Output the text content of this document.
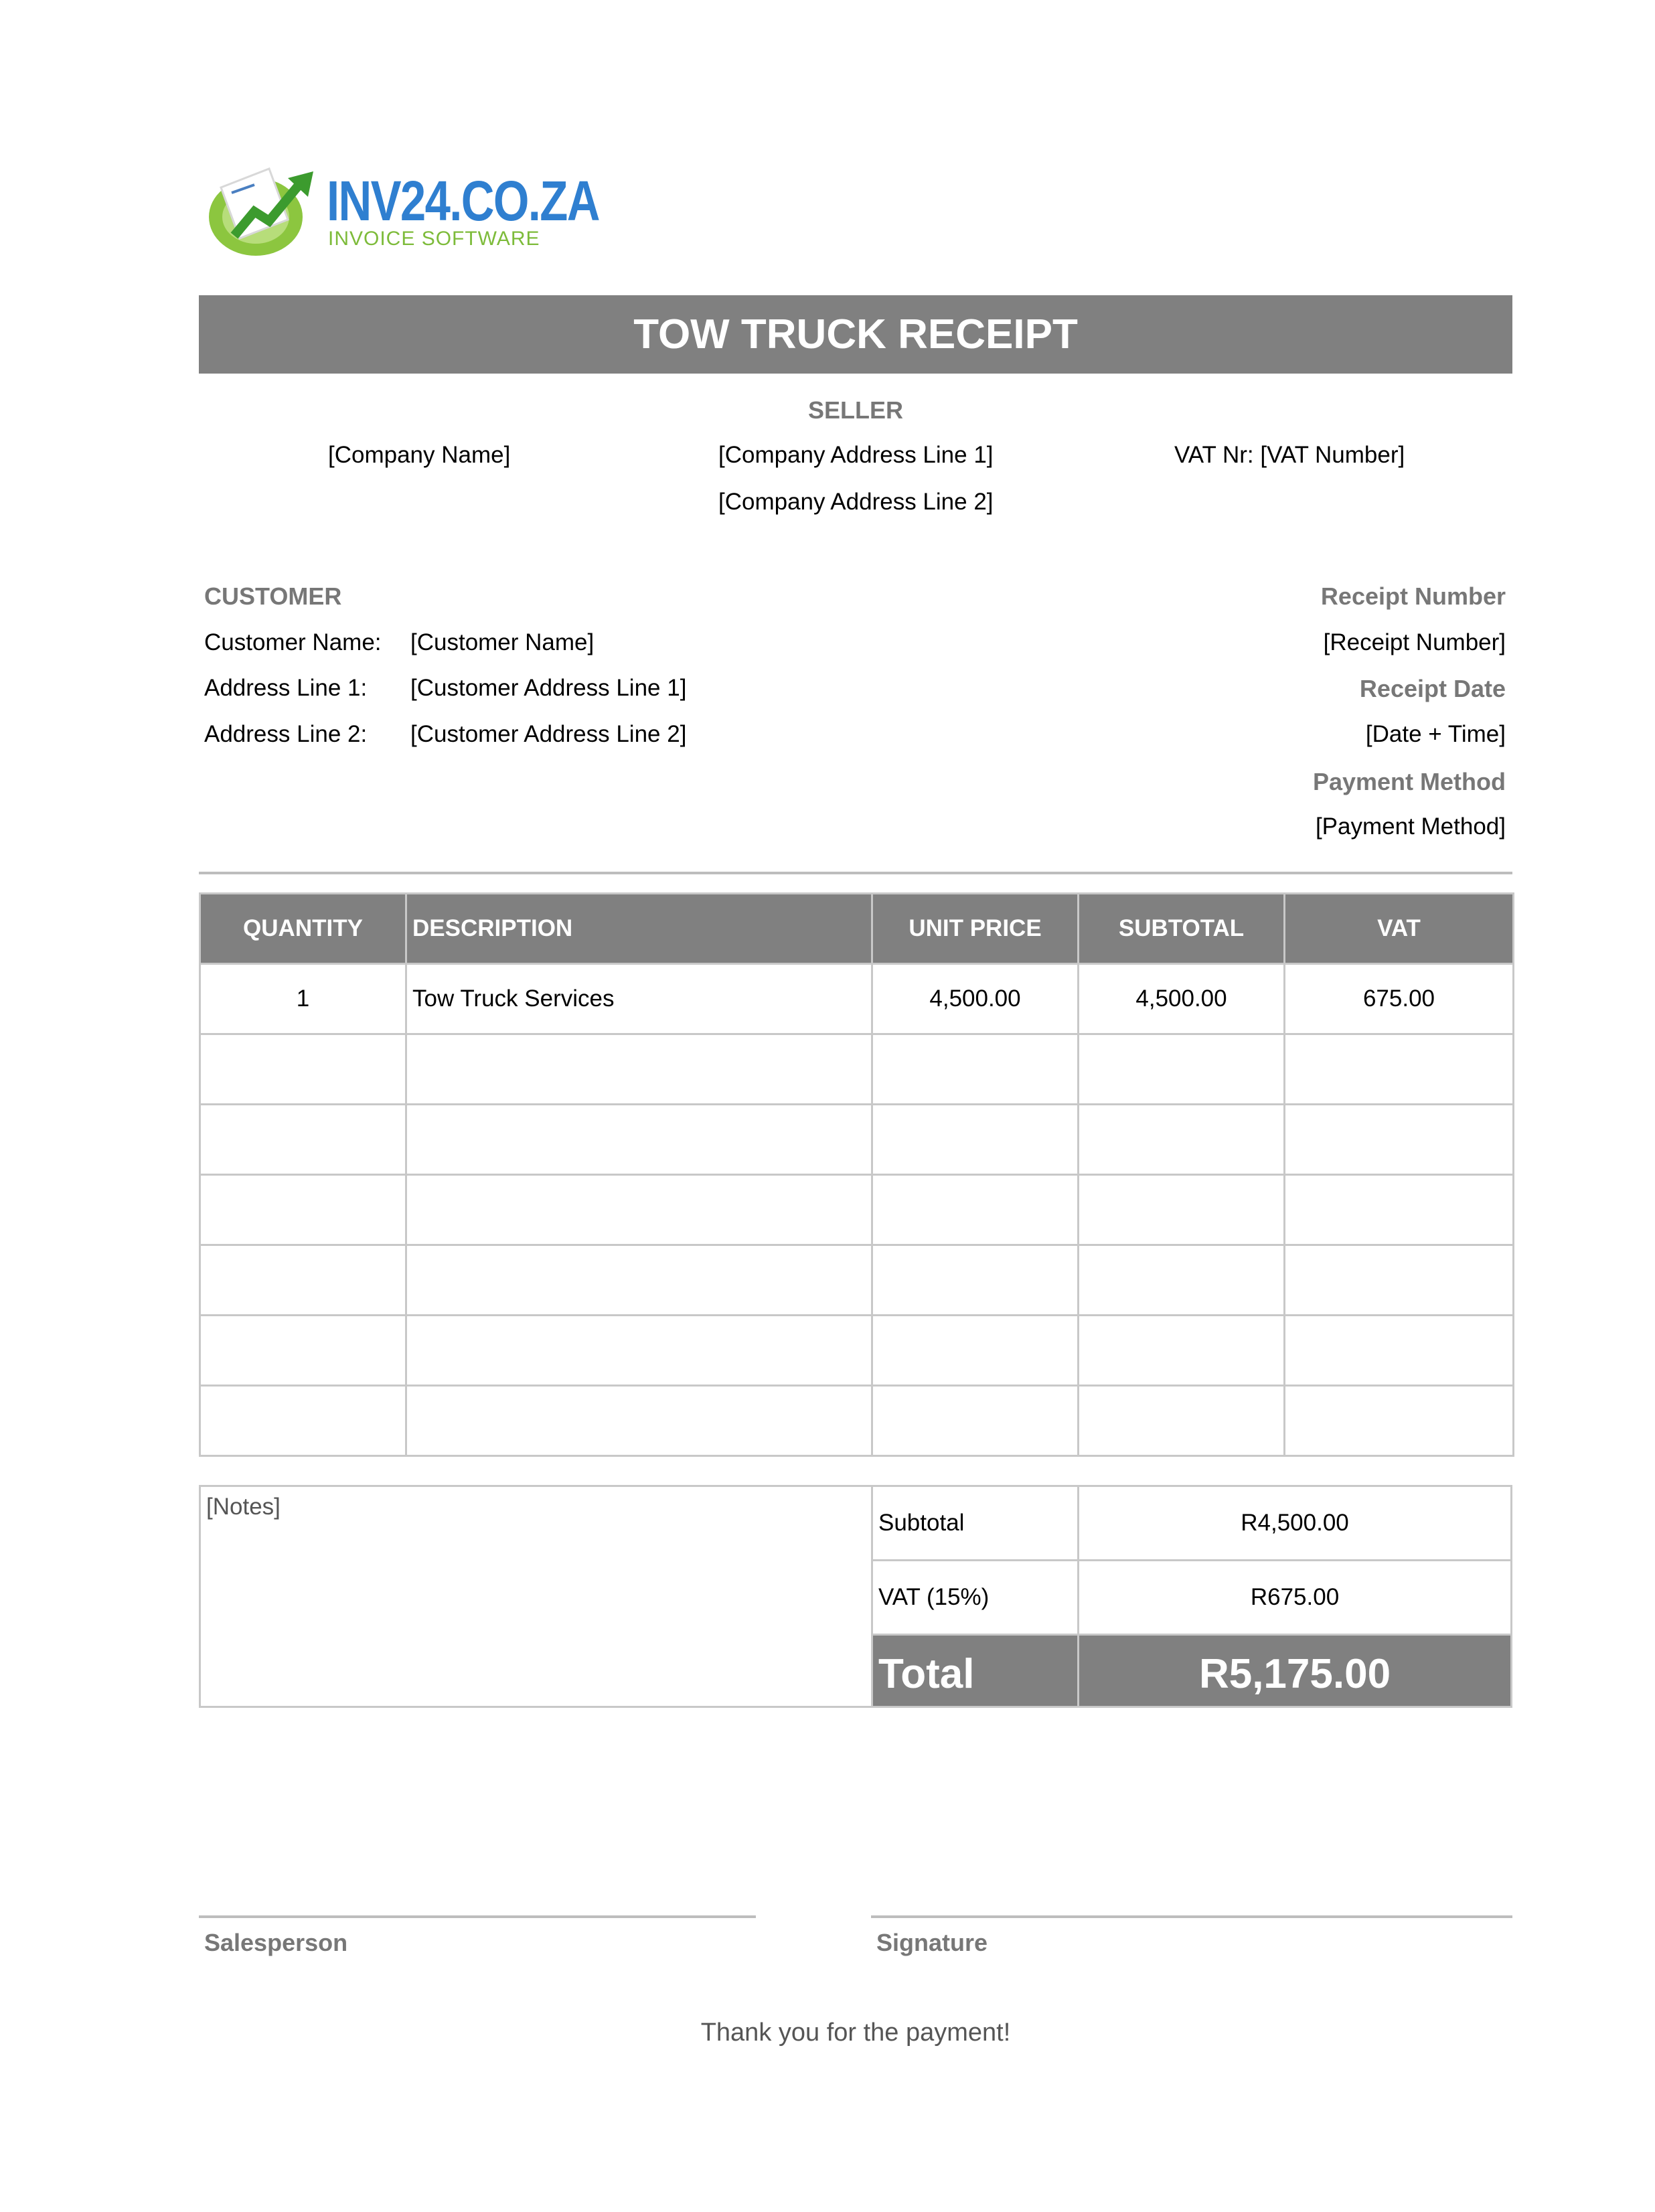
INV24.CO.ZA
INVOICE SOFTWARE
TOW TRUCK RECEIPT
SELLER
[Company Name]	[Company Address Line 1]
[Company Address Line 2]
VAT Nr: [VAT Number]
CUSTOMER
Customer Name: [Customer Name]
Address Line 1: [Customer Address Line 1]
Address Line 2: [Customer Address Line 2]
Receipt Number
[Receipt Number]
Receipt Date
[Date + Time]
Payment Method
[Payment Method]
QUANTITY	DESCRIPTION	UNIT PRICE	SUBTOTAL	VAT
1	Tow Truck Services	4,500.00	4,500.00	675.00

[Notes]
Subtotal	R4,500.00
VAT (15%)	R675.00
Total	R5,175.00
Salesperson	Signature
Thank you for the payment!
